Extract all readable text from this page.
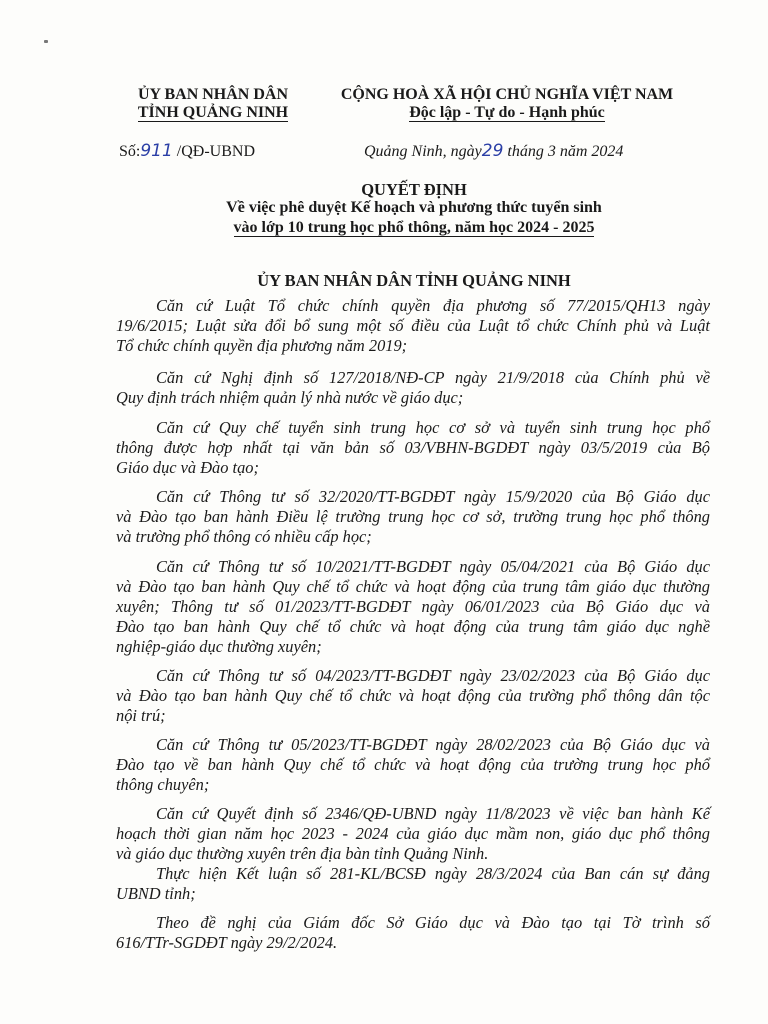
ỦY BAN NHÂN DÂN
TỈNH QUẢNG NINH
Số:911 /QĐ-UBND
CỘNG HOÀ XÃ HỘI CHỦ NGHĨA VIỆT NAM
Độc lập - Tự do - Hạnh phúc
Quảng Ninh, ngày29 tháng 3 năm 2024
QUYẾT ĐỊNH
Về việc phê duyệt Kế hoạch và phương thức tuyển sinh
vào lớp 10 trung học phổ thông, năm học 2024 - 2025
ỦY BAN NHÂN DÂN TỈNH QUẢNG NINH
Căn cứ Luật Tổ chức chính quyền địa phương số 77/2015/QH13 ngày
19/6/2015; Luật sửa đổi bổ sung một số điều của Luật tổ chức Chính phủ và Luật
Tổ chức chính quyền địa phương năm 2019;
Căn cứ Nghị định số 127/2018/NĐ-CP ngày 21/9/2018 của Chính phủ về
Quy định trách nhiệm quản lý nhà nước về giáo dục;
Căn cứ Quy chế tuyển sinh trung học cơ sở và tuyển sinh trung học phổ
thông được hợp nhất tại văn bản số 03/VBHN-BGDĐT ngày 03/5/2019 của Bộ
Giáo dục và Đào tạo;
Căn cứ Thông tư số 32/2020/TT-BGDĐT ngày 15/9/2020 của Bộ Giáo dục
và Đào tạo ban hành Điều lệ trường trung học cơ sở, trường trung học phổ thông
và trường phổ thông có nhiều cấp học;
Căn cứ Thông tư số 10/2021/TT-BGDĐT ngày 05/04/2021 của Bộ Giáo dục
và Đào tạo ban hành Quy chế tổ chức và hoạt động của trung tâm giáo dục thường
xuyên; Thông tư số 01/2023/TT-BGDĐT ngày 06/01/2023 của Bộ Giáo dục và
Đào tạo ban hành Quy chế tổ chức và hoạt động của trung tâm giáo dục nghề
nghiệp-giáo dục thường xuyên;
Căn cứ Thông tư số 04/2023/TT-BGDĐT ngày 23/02/2023 của Bộ Giáo dục
và Đào tạo ban hành Quy chế tổ chức và hoạt động của trường phổ thông dân tộc
nội trú;
Căn cứ Thông tư 05/2023/TT-BGDĐT ngày 28/02/2023 của Bộ Giáo dục và
Đào tạo về ban hành Quy chế tổ chức và hoạt động của trường trung học phổ
thông chuyên;
Căn cứ Quyết định số 2346/QĐ-UBND ngày 11/8/2023 về việc ban hành Kế
hoạch thời gian năm học 2023 - 2024 của giáo dục mầm non, giáo dục phổ thông
và giáo dục thường xuyên trên địa bàn tỉnh Quảng Ninh.
Thực hiện Kết luận số 281-KL/BCSĐ ngày 28/3/2024 của Ban cán sự đảng
UBND tỉnh;
Theo đề nghị của Giám đốc Sở Giáo dục và Đào tạo tại Tờ trình số
616/TTr-SGDĐT ngày 29/2/2024.
